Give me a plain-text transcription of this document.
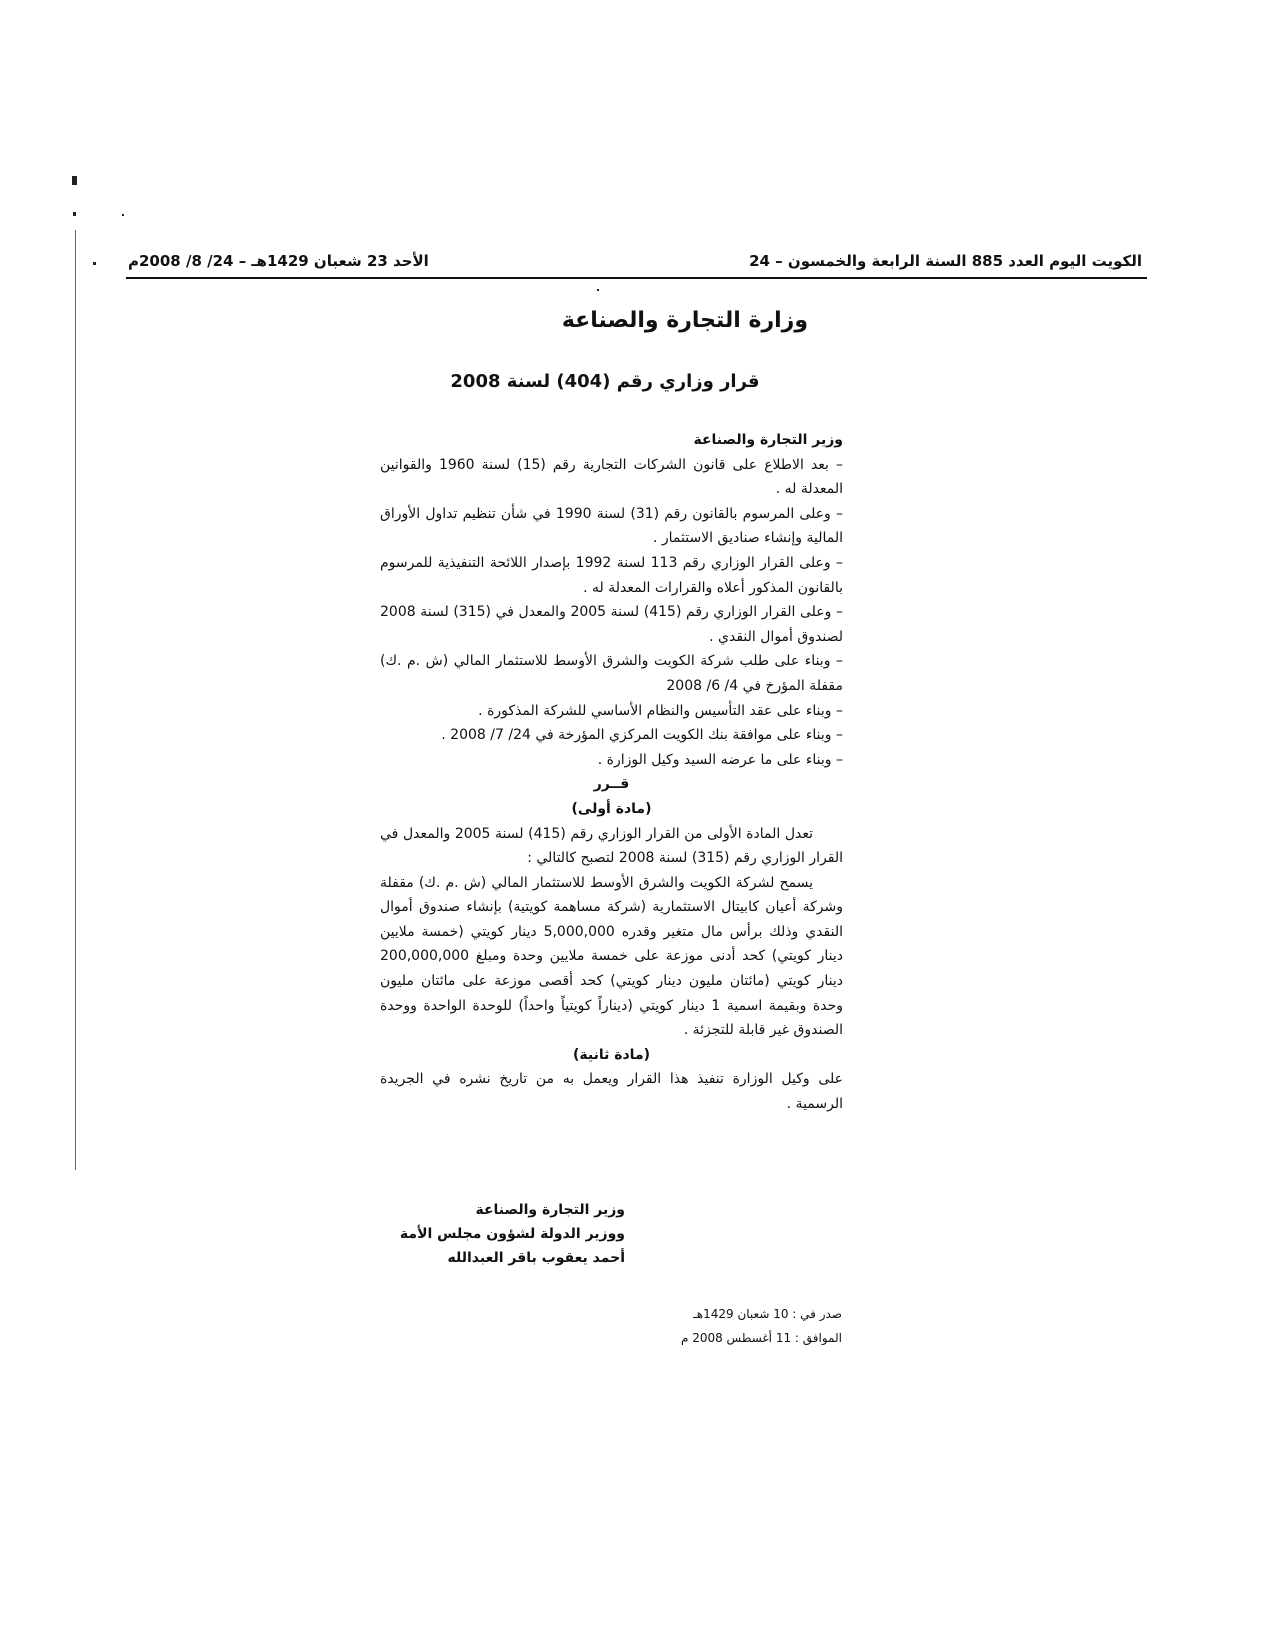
الأحد 23 شعبان 1429هـ – 24/ 8/ 2008م	الكويت اليوم العدد 885 السنة الرابعة والخمسون – 24
وزارة التجارة والصناعة
قرار وزاري رقم (404) لسنة 2008

وزير التجارة والصناعة

– بعد الاطلاع على قانون الشركات التجارية رقم (15) لسنة 1960 والقوانين المعدلة له .

– وعلى المرسوم بالقانون رقم (31) لسنة 1990 في شأن تنظيم تداول الأوراق المالية وإنشاء صناديق الاستثمار .

– وعلى القرار الوزاري رقم 113 لسنة 1992 بإصدار اللائحة التنفيذية للمرسوم بالقانون المذكور أعلاه والقرارات المعدلة له .

– وعلى القرار الوزاري رقم (415) لسنة 2005 والمعدل في (315) لسنة 2008 لصندوق أموال النقدي .

– وبناء على طلب شركة الكويت والشرق الأوسط للاستثمار المالي (ش .م .ك) مقفلة المؤرخ في 4/ 6/ 2008

– وبناء على عقد التأسيس والنظام الأساسي للشركة المذكورة .

– وبناء على موافقة بنك الكويت المركزي المؤرخة في 24/ 7/ 2008 .

– وبناء على ما عرضه السيد وكيل الوزارة .

قــرر

(مادة أولى)

تعدل المادة الأولى من القرار الوزاري رقم (415) لسنة 2005 والمعدل في القرار الوزاري رقم (315) لسنة 2008 لتصبح كالتالي :

يسمح لشركة الكويت والشرق الأوسط للاستثمار المالي (ش .م .ك) مقفلة وشركة أعيان كابيتال الاستثمارية (شركة مساهمة كويتية) بإنشاء صندوق أموال النقدي وذلك برأس مال متغير وقدره 5,000,000 دينار كويتي (خمسة ملايين دينار كويتي) كحد أدنى موزعة على خمسة ملايين وحدة ومبلغ 200,000,000 دينار كويتي (مائتان مليون دينار كويتي) كحد أقصى موزعة على مائتان مليون وحدة وبقيمة اسمية 1 دينار كويتي (ديناراً كويتياً واحداً) للوحدة الواحدة ووحدة الصندوق غير قابلة للتجزئة .

(مادة ثانية)

على وكيل الوزارة تنفيذ هذا القرار ويعمل به من تاريخ نشره في الجريدة الرسمية .

وزير التجارة والصناعة
ووزير الدولة لشؤون مجلس الأمة
أحمد يعقوب باقر العبدالله
صدر في : 10 شعبان 1429هـ
الموافق : 11 أغسطس 2008 م
